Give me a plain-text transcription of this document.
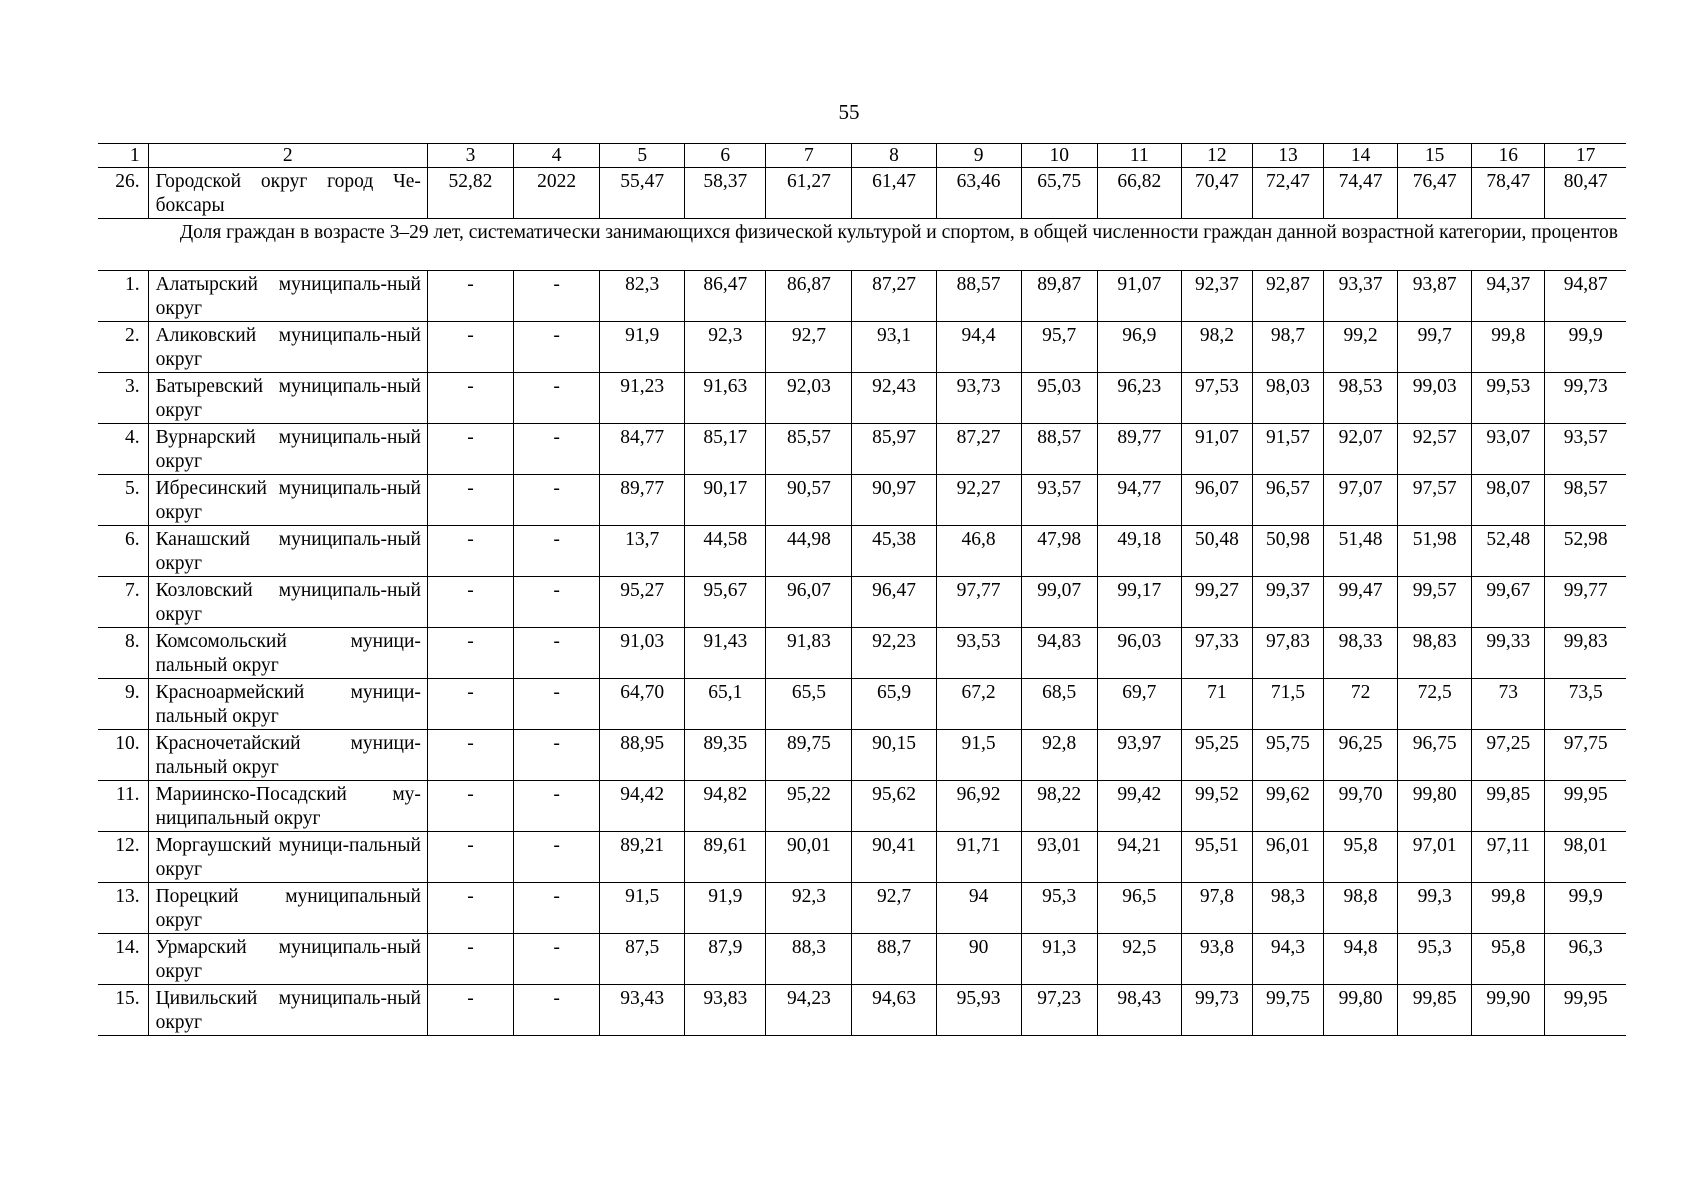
55
1	2	3	4	5	6	7	8	9	10	11	12	13	14	15	16	17
26.	Городской округ город Че-боксары	52,82	2022	55,47	58,37	61,27	61,47	63,46	65,75	66,82	70,47	72,47	74,47	76,47	78,47	80,47
Доля граждан в возрасте 3–29 лет, систематически занимающихся физической культурой и спортом, в общей численности граждан данной возрастной категории, процентов																
1.	Алатырский муниципаль-ный округ	-	-	82,3	86,47	86,87	87,27	88,57	89,87	91,07	92,37	92,87	93,37	93,87	94,37	94,87
2.	Аликовский муниципаль-ный округ	-	-	91,9	92,3	92,7	93,1	94,4	95,7	96,9	98,2	98,7	99,2	99,7	99,8	99,9
3.	Батыревский муниципаль-ный округ	-	-	91,23	91,63	92,03	92,43	93,73	95,03	96,23	97,53	98,03	98,53	99,03	99,53	99,73
4.	Вурнарский муниципаль-ный округ	-	-	84,77	85,17	85,57	85,97	87,27	88,57	89,77	91,07	91,57	92,07	92,57	93,07	93,57
5.	Ибресинский муниципаль-ный округ	-	-	89,77	90,17	90,57	90,97	92,27	93,57	94,77	96,07	96,57	97,07	97,57	98,07	98,57
6.	Канашский муниципаль-ный округ	-	-	13,7	44,58	44,98	45,38	46,8	47,98	49,18	50,48	50,98	51,48	51,98	52,48	52,98
7.	Козловский муниципаль-ный округ	-	-	95,27	95,67	96,07	96,47	97,77	99,07	99,17	99,27	99,37	99,47	99,57	99,67	99,77
8.	Комсомольский муници-пальный округ	-	-	91,03	91,43	91,83	92,23	93,53	94,83	96,03	97,33	97,83	98,33	98,83	99,33	99,83
9.	Красноармейский муници-пальный округ	-	-	64,70	65,1	65,5	65,9	67,2	68,5	69,7	71	71,5	72	72,5	73	73,5
10.	Красночетайский муници-пальный округ	-	-	88,95	89,35	89,75	90,15	91,5	92,8	93,97	95,25	95,75	96,25	96,75	97,25	97,75
11.	Мариинско-Посадский му-ниципальный округ	-	-	94,42	94,82	95,22	95,62	96,92	98,22	99,42	99,52	99,62	99,70	99,80	99,85	99,95
12.	Моргаушский муници-пальный округ	-	-	89,21	89,61	90,01	90,41	91,71	93,01	94,21	95,51	96,01	95,8	97,01	97,11	98,01
13.	Порецкий муниципальный округ	-	-	91,5	91,9	92,3	92,7	94	95,3	96,5	97,8	98,3	98,8	99,3	99,8	99,9
14.	Урмарский муниципаль-ный округ	-	-	87,5	87,9	88,3	88,7	90	91,3	92,5	93,8	94,3	94,8	95,3	95,8	96,3
15.	Цивильский муниципаль-ный округ	-	-	93,43	93,83	94,23	94,63	95,93	97,23	98,43	99,73	99,75	99,80	99,85	99,90	99,95
